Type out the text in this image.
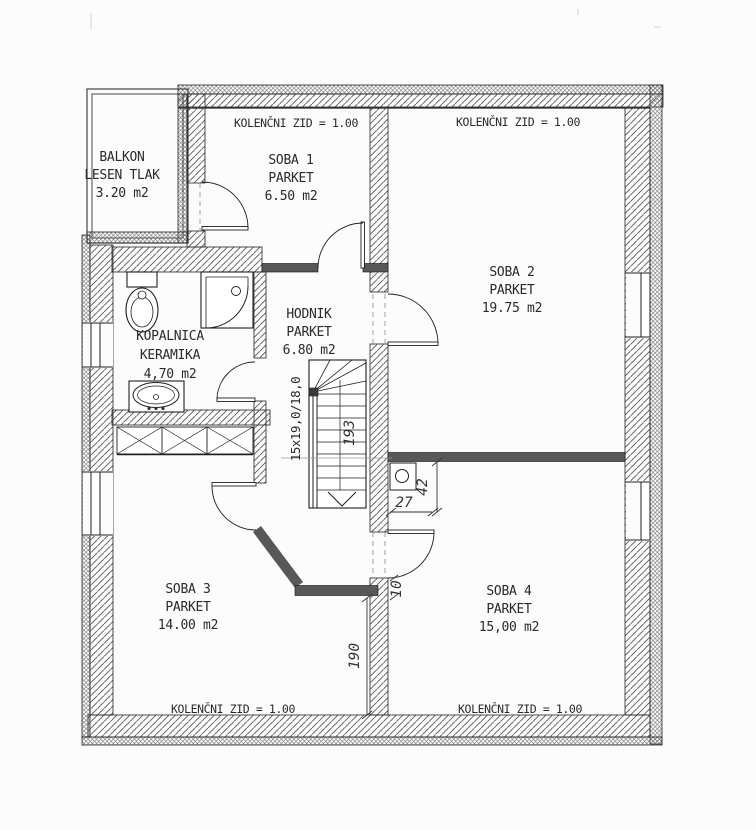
KOLENČNI ZID = 1.00	KOLENČNI ZID = 1.00
KOLENČNI ZID = 1.00	KOLENČNI ZID = 1.00
BALKON
LESEN TLAK
3.20 m2
SOBA 1
PARKET
6.50 m2
SOBA 2
PARKET
19.75 m2
KOPALNICA
KERAMIKA
4,70 m2
HODNIK
PARKET
6.80 m2
SOBA 3
PARKET
14.00 m2
SOBA 4
PARKET
15,00 m2
15x19,0/18,0	193
42
27
10
190
